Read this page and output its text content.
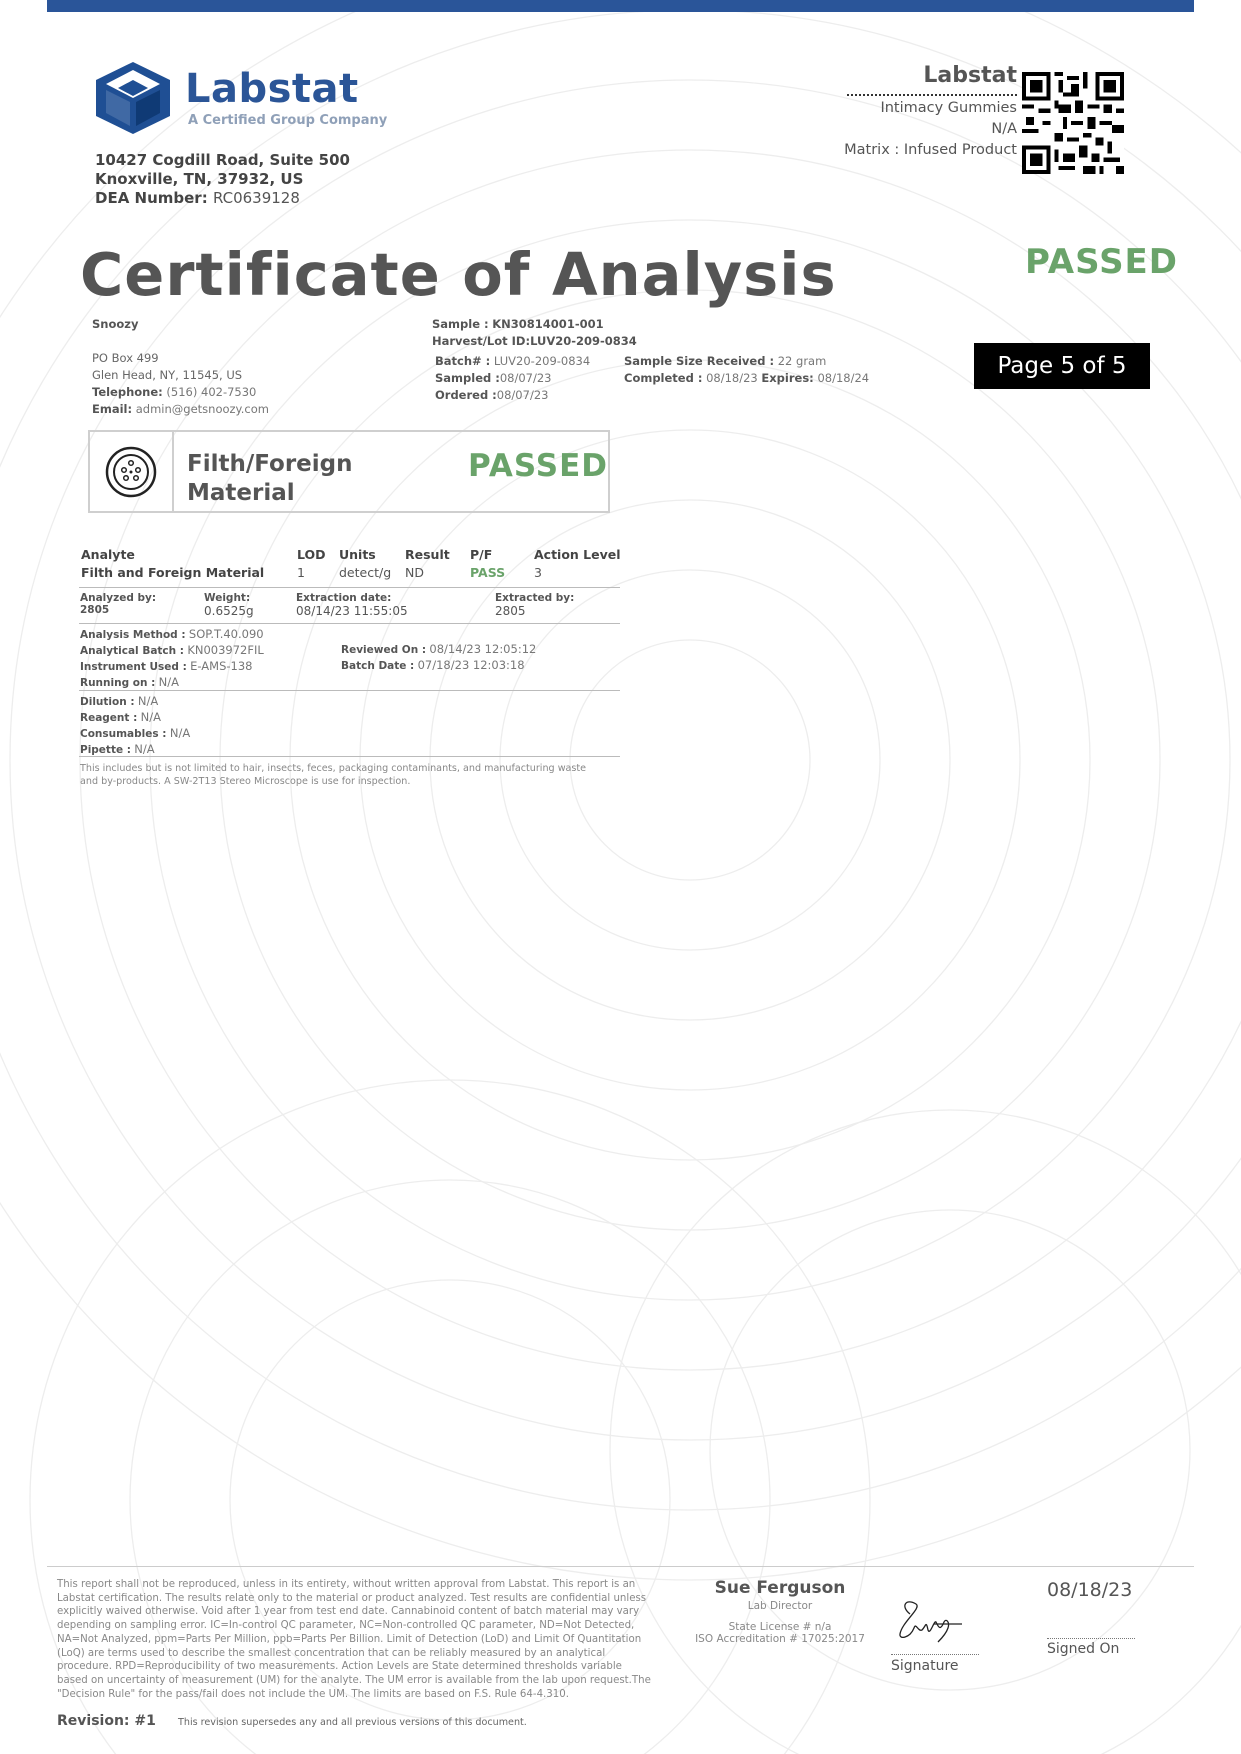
Labstat
A Certified Group Company
10427 Cogdill Road, Suite 500
Knoxville, TN, 37932, US
DEA Number: RC0639128
Labstat
Intimacy Gummies
N/A
Matrix : Infused Product
Certificate of Analysis	PASSED
Snoozy
PO Box 499
Glen Head, NY, 11545, US
Telephone: (516) 402-7530
Email: admin@getsnoozy.com
Sample : KN30814001-001
Harvest/Lot ID:LUV20-209-0834
Batch# : LUV20-209-0834
Sampled :08/07/23
Ordered :08/07/23
Sample Size Received : 22 gram
Completed : 08/18/23 Expires: 08/18/24	Page 5 of 5
Filth/Foreign
Material
PASSED
Analyte	LOD Units Result P/F	Action Level
Filth and Foreign Material	1	detect/g ND	PASS 3
Analyzed by:
2805
Weight:
0.6525g
Extraction date:
08/14/23 11:55:05
Extracted by:
2805
Analysis Method : SOP.T.40.090
Analytical Batch : KN003972FIL
Instrument Used : E-AMS-138
Running on : N/A
Reviewed On : 08/14/23 12:05:12
Batch Date : 07/18/23 12:03:18
Dilution : N/A
Reagent : N/A
Consumables : N/A
Pipette : N/A
This includes but is not limited to hair, insects, feces, packaging contaminants, and manufacturing waste
and by-products. A SW-2T13 Stereo Microscope is use for inspection.
This report shall not be reproduced, unless in its entirety, without written approval from Labstat. This report is an
Labstat certification. The results relate only to the material or product analyzed. Test results are confidential unless
explicitly waived otherwise. Void after 1 year from test end date. Cannabinoid content of batch material may vary
depending on sampling error. IC=In-control QC parameter, NC=Non-controlled QC parameter, ND=Not Detected,
NA=Not Analyzed, ppm=Parts Per Million, ppb=Parts Per Billion. Limit of Detection (LoD) and Limit Of Quantitation
(LoQ) are terms used to describe the smallest concentration that can be reliably measured by an analytical
procedure. RPD=Reproducibility of two measurements. Action Levels are State determined thresholds variable
based on uncertainty of measurement (UM) for the analyte. The UM error is available from the lab upon request.The
"Decision Rule" for the pass/fail does not include the UM. The limits are based on F.S. Rule 64-4.310.
Sue Ferguson
Lab Director
State License # n/a
ISO Accreditation # 17025:2017
Signature
08/18/23
Signed On
Revision: #1 This revision supersedes any and all previous versions of this document.
